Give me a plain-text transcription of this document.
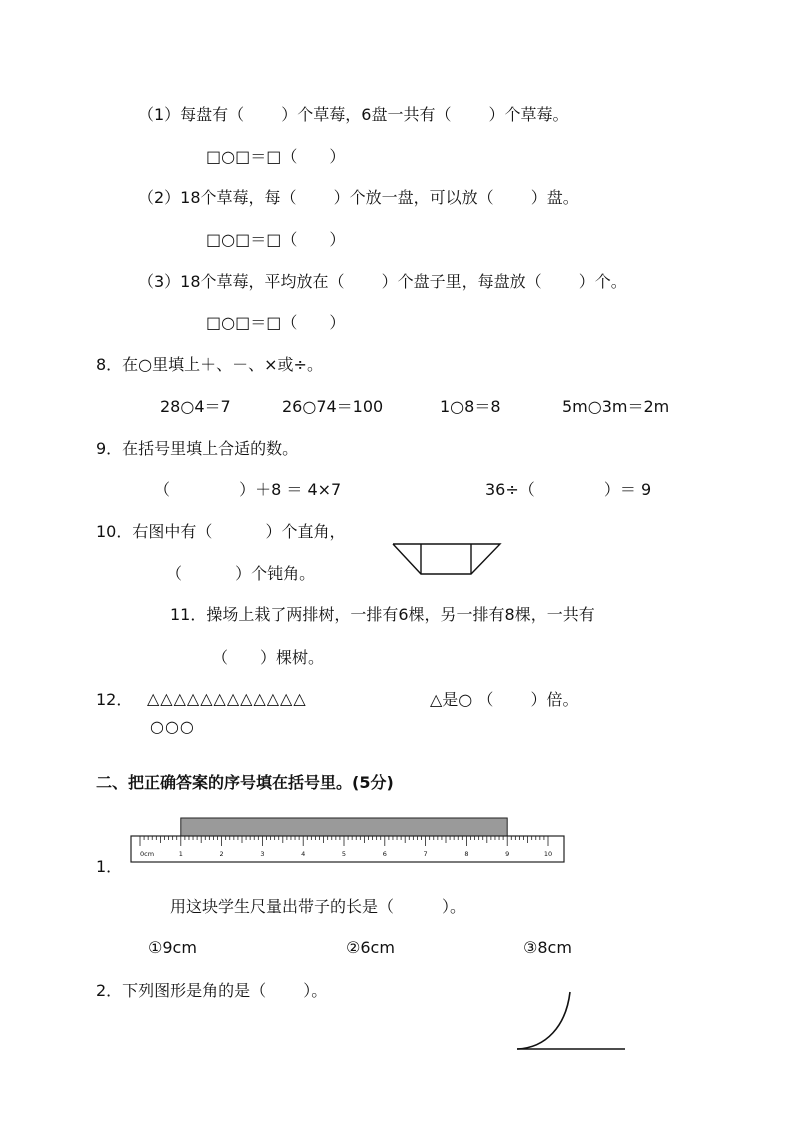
（1）每盘有（　　 ）个草莓，6盘一共有（　　 ）个草莓。
□○□＝□（　　）
（2）18个草莓，每（　　 ）个放一盘，可以放（　　 ）盘。
□○□＝□（　　）
（3）18个草莓，平均放在（　　 ）个盘子里，每盘放（　　 ）个。
□○□＝□（　　）
8．在○里填上＋、－、×或÷。
28○4＝7	26○74＝100	1○8＝8	5m○3m＝2m
9．在括号里填上合适的数。
（　　　　 ）＋8 ＝ 4×7	36÷（　　　　 ）＝ 9
10．右图中有（　　　 ）个直角，
（　　　 ）个钝角。
11．操场上栽了两排树，一排有6棵，另一排有8棵，一共有
（　　）棵树。
12． △△△△△△△△△△△△	△是○ （　　 ）倍。
○○○
二、把正确答案的序号填在括号里。(5分)
1．
0cm	1	2	3	4	5	6	7	8	9	10
用这块学生尺量出带子的长是（　　　）。
①9cm	②6cm	③8cm
2．下列图形是角的是（　　 ）。
